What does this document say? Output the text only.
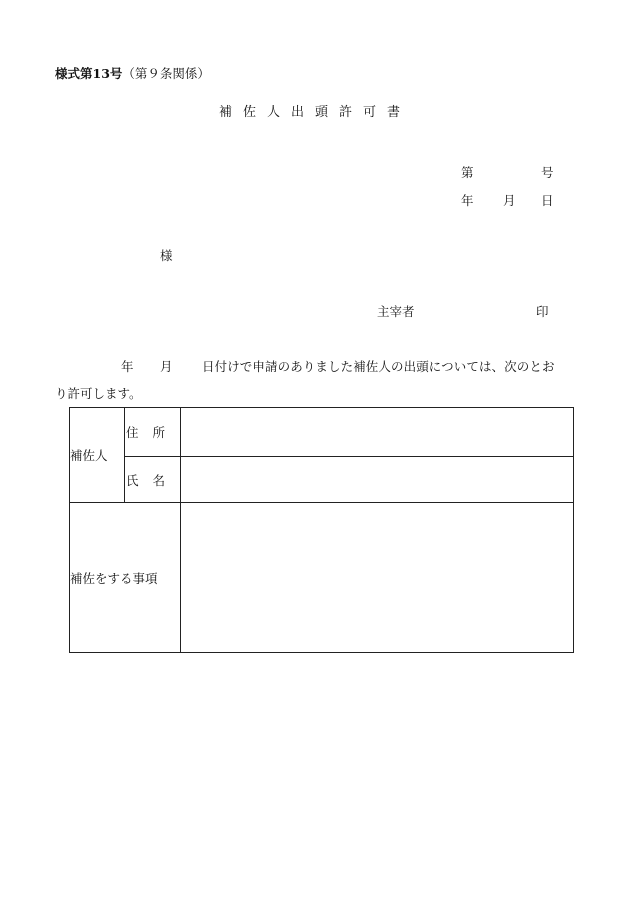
様式第13号（第９条関係）
補佐人出頭許可書
第	号
年 月 日
様
主宰者	印
年 月 日付けで申請のありました補佐人の出頭については、次のとお
り許可します。
補佐人	住所	
	氏名	
補佐をする事項		
